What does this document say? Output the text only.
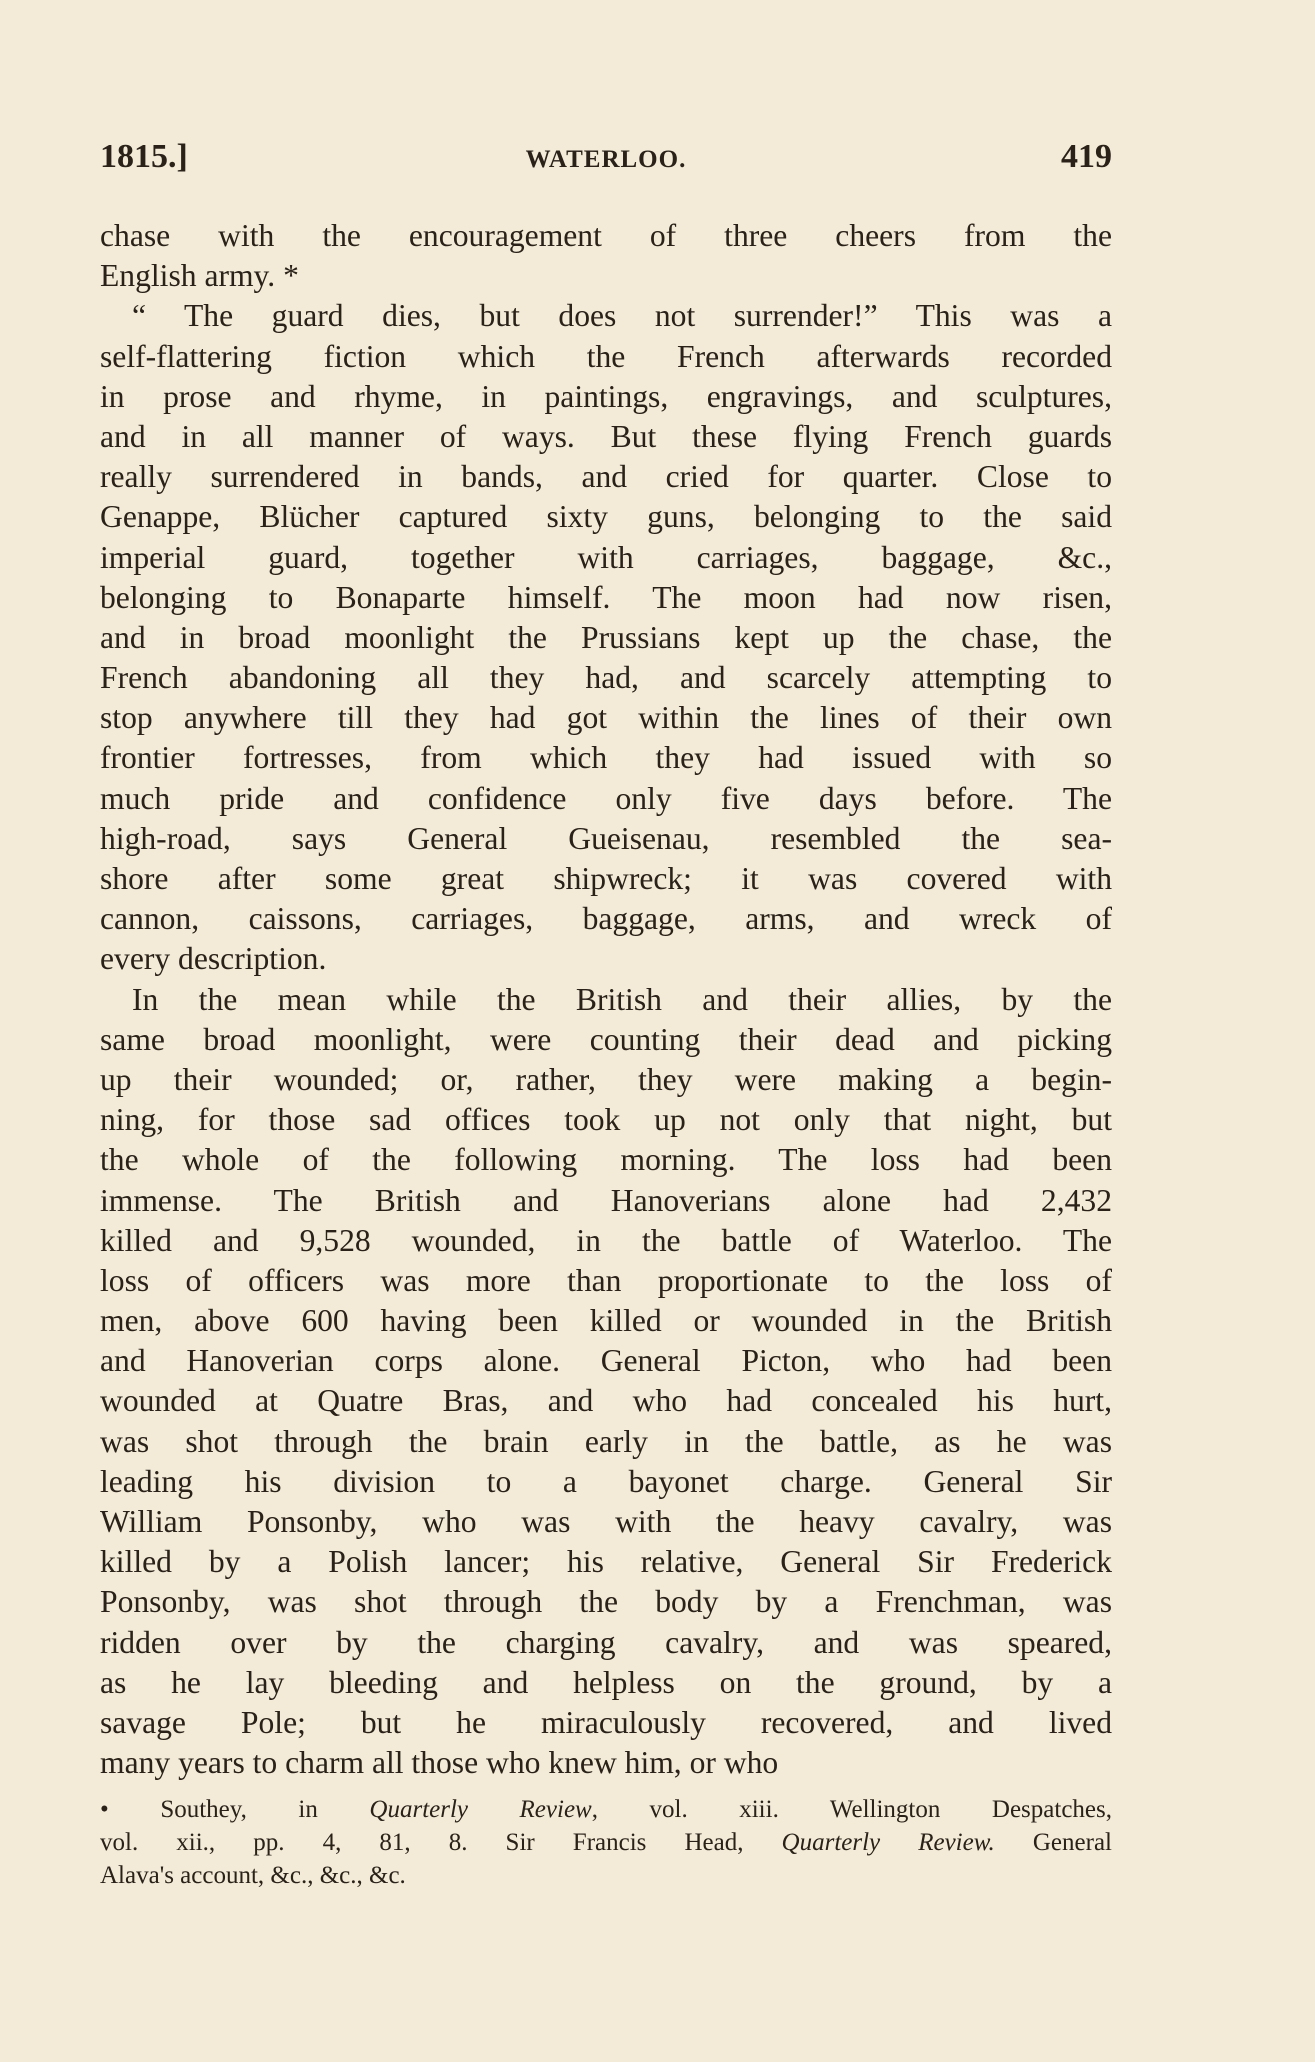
1815.]	WATERLOO.	419
chase with the encouragement of three cheers from the
English army. *
“ The guard dies, but does not surrender!” This was a
self-flattering fiction which the French afterwards recorded
in prose and rhyme, in paintings, engravings, and sculptures,
and in all manner of ways. But these flying French guards
really surrendered in bands, and cried for quarter. Close to
Genappe, Blücher captured sixty guns, belonging to the said
imperial guard, together with carriages, baggage, &c.,
belonging to Bonaparte himself. The moon had now risen,
and in broad moonlight the Prussians kept up the chase, the
French abandoning all they had, and scarcely attempting to
stop anywhere till they had got within the lines of their own
frontier fortresses, from which they had issued with so
much pride and confidence only five days before. The
high-road, says General Gueisenau, resembled the sea-
shore after some great shipwreck; it was covered with
cannon, caissons, carriages, baggage, arms, and wreck of
every description.
In the mean while the British and their allies, by the
same broad moonlight, were counting their dead and picking
up their wounded; or, rather, they were making a begin-
ning, for those sad offices took up not only that night, but
the whole of the following morning. The loss had been
immense. The British and Hanoverians alone had 2,432
killed and 9,528 wounded, in the battle of Waterloo. The
loss of officers was more than proportionate to the loss of
men, above 600 having been killed or wounded in the British
and Hanoverian corps alone. General Picton, who had been
wounded at Quatre Bras, and who had concealed his hurt,
was shot through the brain early in the battle, as he was
leading his division to a bayonet charge. General Sir
William Ponsonby, who was with the heavy cavalry, was
killed by a Polish lancer; his relative, General Sir Frederick
Ponsonby, was shot through the body by a Frenchman, was
ridden over by the charging cavalry, and was speared,
as he lay bleeding and helpless on the ground, by a
savage Pole; but he miraculously recovered, and lived
many years to charm all those who knew him, or who
• Southey, in Quarterly Review, vol. xiii. Wellington Despatches,
vol. xii., pp. 4, 81, 8. Sir Francis Head, Quarterly Review. General
Alava's account, &c., &c., &c.
